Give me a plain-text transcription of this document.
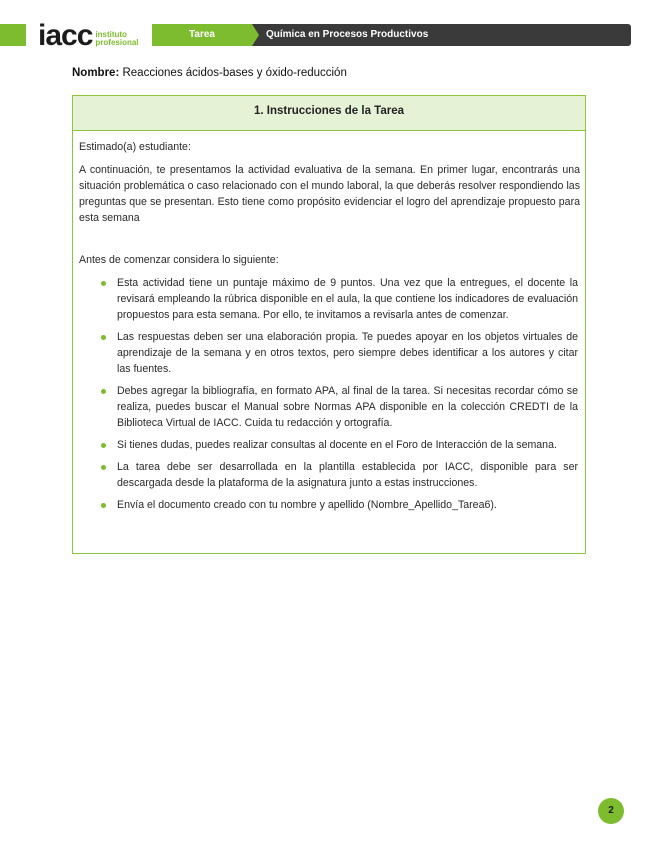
iacc instituto
profesional
Tarea	Química en Procesos Productivos
Nombre: Reacciones ácidos-bases y óxido-reducción
1. Instrucciones de la Tarea

Estimado(a) estudiante:

A continuación, te presentamos la actividad evaluativa de la semana. En primer lugar, encontrarás una situación problemática o caso relacionado con el mundo laboral, la que deberás resolver respondiendo las preguntas que se presentan. Esto tiene como propósito evidenciar el logro del aprendizaje propuesto para esta semana

Antes de comenzar considera lo siguiente:

Esta actividad tiene un puntaje máximo de 9 puntos. Una vez que la entregues, el docente la revisará empleando la rúbrica disponible en el aula, la que contiene los indicadores de evaluación propuestos para esta semana. Por ello, te invitamos a revisarla antes de comenzar.
Las respuestas deben ser una elaboración propia. Te puedes apoyar en los objetos virtuales de aprendizaje de la semana y en otros textos, pero siempre debes identificar a los autores y citar las fuentes.
Debes agregar la bibliografía, en formato APA, al final de la tarea. Si necesitas recordar cómo se realiza, puedes buscar el Manual sobre Normas APA disponible en la colección CREDTI de la Biblioteca Virtual de IACC. Cuida tu redacción y ortografía.
Si tienes dudas, puedes realizar consultas al docente en el Foro de Interacción de la semana.
La tarea debe ser desarrollada en la plantilla establecida por IACC, disponible para ser descargada desde la plataforma de la asignatura junto a estas instrucciones.
Envía el documento creado con tu nombre y apellido (Nombre_Apellido_Tarea6).
2
